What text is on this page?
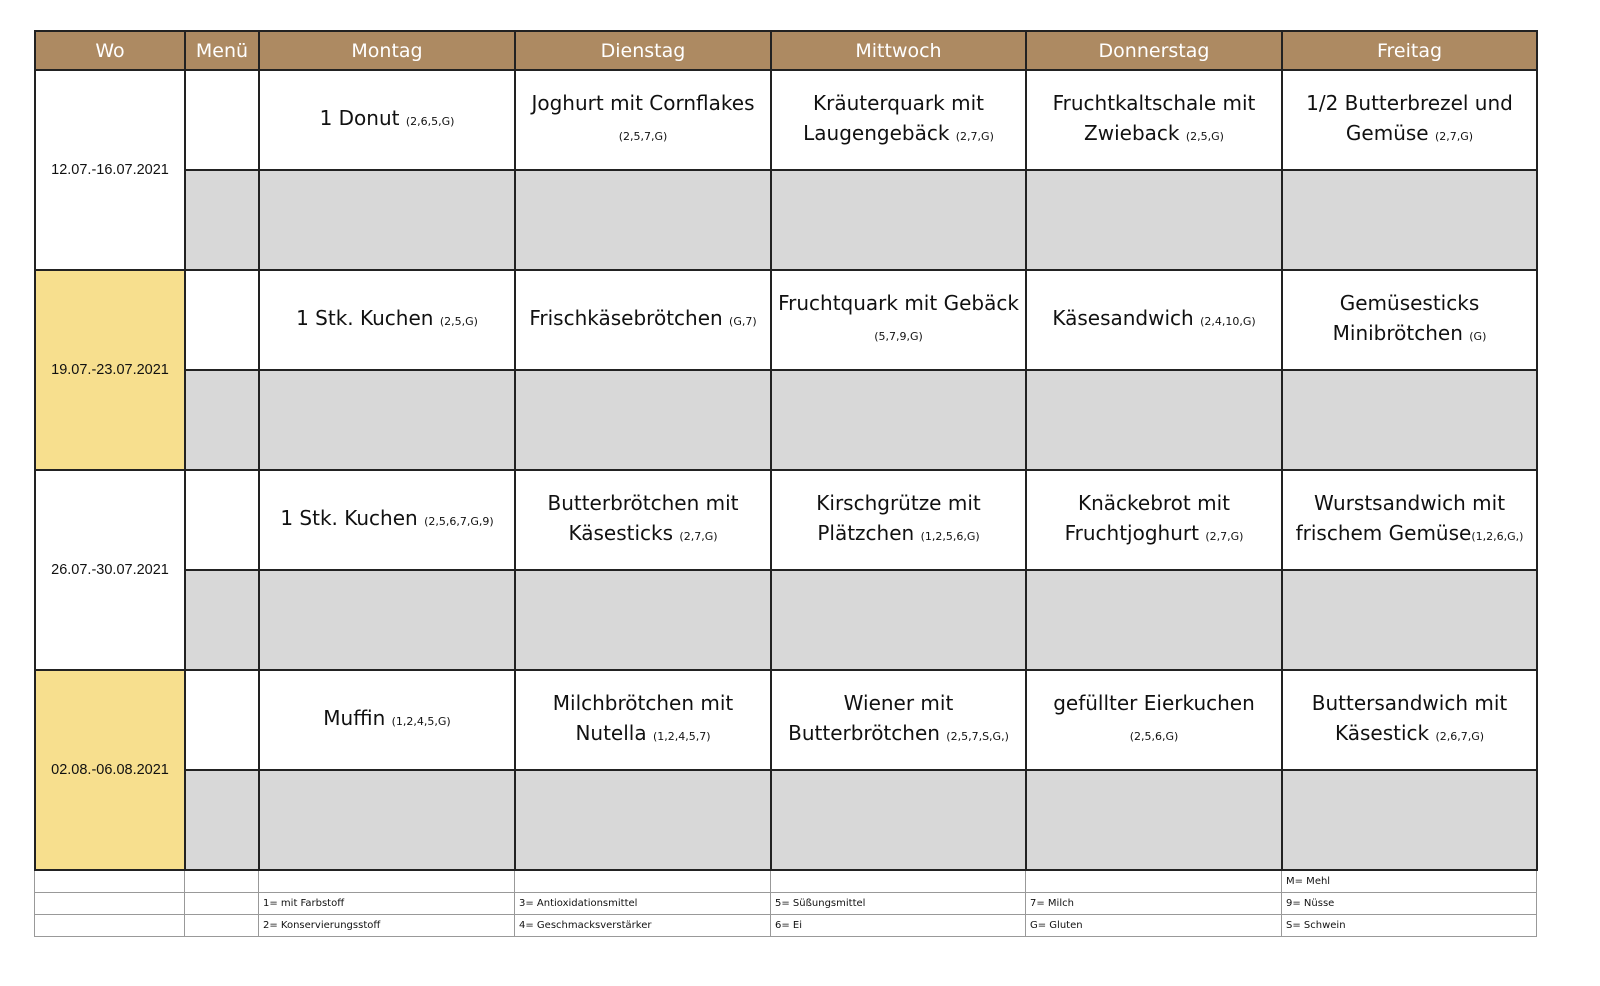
Wo	Menü	Montag	Dienstag	Mittwoch	Donnerstag	Freitag
12.07.-16.07.2021		1 Donut (2,6,5,G)	Joghurt mit Cornflakes
(2,5,7,G)	Kräuterquark mit Laugengebäck (2,7,G)	Fruchtkaltschale mit Zwieback (2,5,G)	1/2 Butterbrezel und Gemüse (2,7,G)

19.07.-23.07.2021		1 Stk. Kuchen (2,5,G)	Frischkäsebrötchen (G,7)	Fruchtquark mit Gebäck
(5,7,9,G)	Käsesandwich (2,4,10,G)	Gemüsesticks Minibrötchen (G)

26.07.-30.07.2021		1 Stk. Kuchen (2,5,6,7,G,9)	Butterbrötchen mit Käsesticks (2,7,G)	Kirschgrütze mit Plätzchen (1,2,5,6,G)	Knäckebrot mit Fruchtjoghurt (2,7,G)	Wurstsandwich mit frischem Gemüse(1,2,6,G,)

02.08.-06.08.2021		Muffin (1,2,4,5,G)	Milchbrötchen mit Nutella (1,2,4,5,7)	Wiener mit Butterbrötchen (2,5,7,S,G,)	gefüllter Eierkuchen (2,5,6,G)	Buttersandwich mit Käsestick (2,6,7,G)

						M= Mehl
		1= mit Farbstoff	3= Antioxidationsmittel	5= Süßungsmittel	7= Milch	9= Nüsse
		2= Konservierungsstoff	4= Geschmacksverstärker	6= Ei	G= Gluten	S= Schwein
